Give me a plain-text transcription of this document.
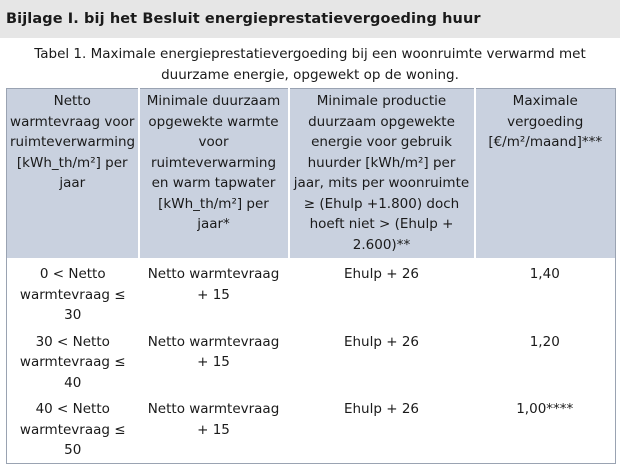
Bijlage I. bij het Besluit energieprestatievergoeding huur
Tabel 1. Maximale energieprestatievergoeding bij een woonruimte verwarmd met duurzame energie, opgewekt op de woning.
Netto warmtevraag voor ruimteverwarming [kWh_th/m²] per jaar	Minimale duurzaam opgewekte warmte voor ruimteverwarming en warm tapwater [kWh_th/m²] per jaar*	Minimale productie duurzaam opgewekte energie voor gebruik huurder [kWh/m²] per jaar, mits per woonruimte ≥ (Ehulp +1.800) doch hoeft niet > (Ehulp + 2.600)**	Maximale vergoeding [€/m²/maand]***
0 < Netto warmtevraag ≤ 30	Netto warmtevraag + 15	Ehulp + 26	1,40
30 < Netto warmtevraag ≤ 40	Netto warmtevraag + 15	Ehulp + 26	1,20
40 < Netto warmtevraag ≤ 50	Netto warmtevraag + 15	Ehulp + 26	1,00****
